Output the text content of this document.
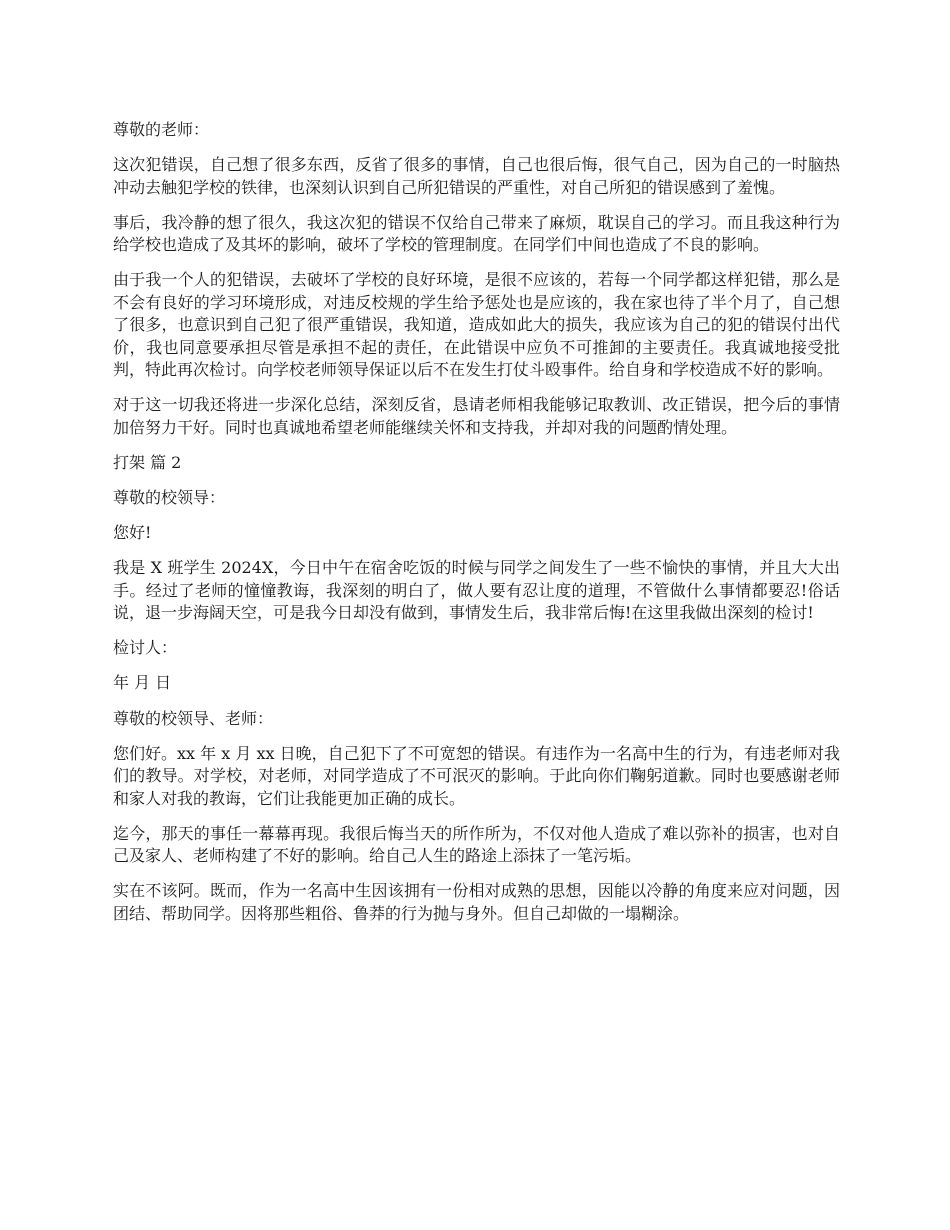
尊敬的老师：

这次犯错误，自己想了很多东西，反省了很多的事情，自己也很后悔，很气自己，因为自己的一时脑热冲动去触犯学校的铁律，也深刻认识到自己所犯错误的严重性，对自己所犯的错误感到了羞愧。

事后，我冷静的想了很久，我这次犯的错误不仅给自己带来了麻烦，耽误自己的学习。而且我这种行为给学校也造成了及其坏的影响，破坏了学校的管理制度。在同学们中间也造成了不良的影响。

由于我一个人的犯错误，去破坏了学校的良好环境，是很不应该的，若每一个同学都这样犯错，那么是不会有良好的学习环境形成，对违反校规的学生给予惩处也是应该的，我在家也待了半个月了，自己想了很多，也意识到自己犯了很严重错误，我知道，造成如此大的损失，我应该为自己的犯的错误付出代价，我也同意要承担尽管是承担不起的责任，在此错误中应负不可推卸的主要责任。我真诚地接受批判，特此再次检讨。向学校老师领导保证以后不在发生打仗斗殴事件。给自身和学校造成不好的影响。

对于这一切我还将进一步深化总结，深刻反省，恳请老师相我能够记取教训、改正错误，把今后的事情加倍努力干好。同时也真诚地希望老师能继续关怀和支持我，并却对我的问题酌情处理。

打架 篇 2

尊敬的校领导：

您好!

我是 X 班学生 2024X，今日中午在宿舍吃饭的时候与同学之间发生了一些不愉快的事情，并且大大出手。经过了老师的憧憧教诲，我深刻的明白了，做人要有忍让度的道理，不管做什么事情都要忍!俗话说，退一步海阔天空，可是我今日却没有做到，事情发生后，我非常后悔!在这里我做出深刻的检讨!

检讨人：

年 月 日

尊敬的校领导、老师：

您们好。xx 年 x 月 xx 日晚，自己犯下了不可宽恕的错误。有违作为一名高中生的行为，有违老师对我们的教导。对学校，对老师，对同学造成了不可泯灭的影响。于此向你们鞠躬道歉。同时也要感谢老师和家人对我的教诲，它们让我能更加正确的成长。

迄今，那天的事任一幕幕再现。我很后悔当天的所作所为，不仅对他人造成了难以弥补的损害，也对自己及家人、老师构建了不好的影响。给自己人生的路途上添抹了一笔污垢。

实在不该阿。既而，作为一名高中生因该拥有一份相对成熟的思想，因能以冷静的角度来应对问题，因团结、帮助同学。因将那些粗俗、鲁莽的行为抛与身外。但自己却做的一塌糊涂。
